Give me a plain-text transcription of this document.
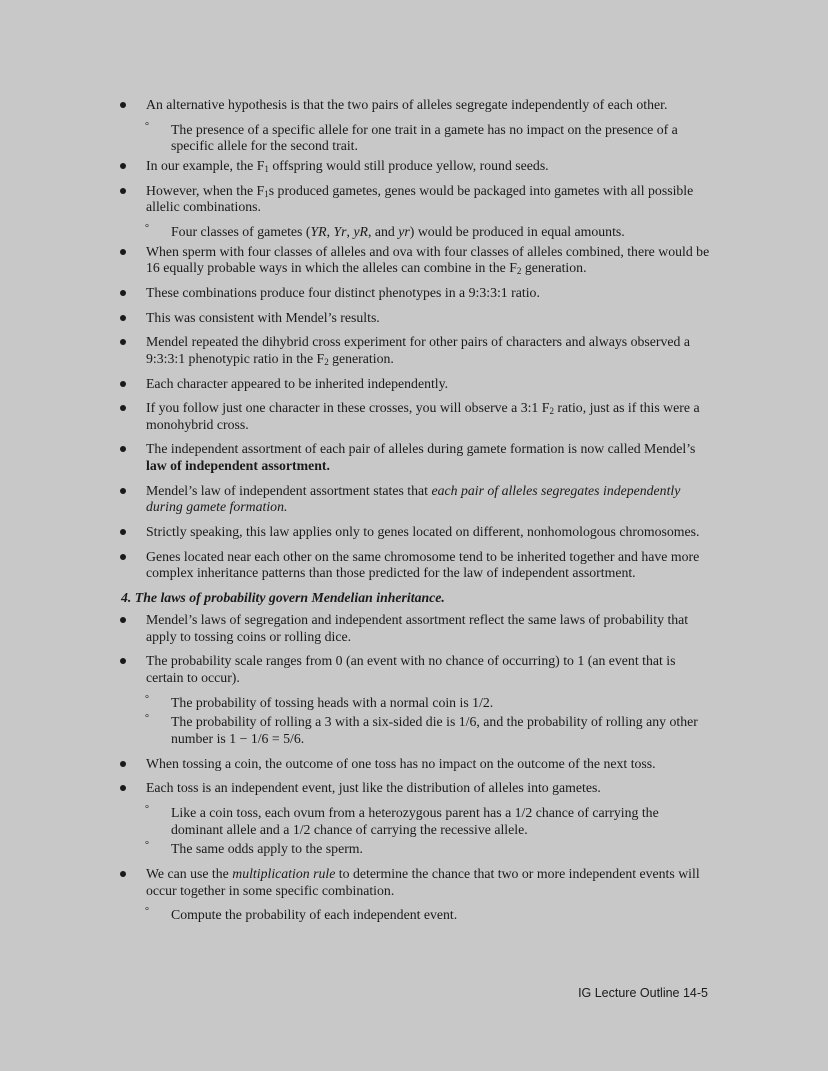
An alternative hypothesis is that the two pairs of alleles segregate independently of each other.
° The presence of a specific allele for one trait in a gamete has no impact on the presence of a specific allele for the second trait.
In our example, the $F_1$ offspring would still produce yellow, round seeds.
However, when the $F_1s$ produced gametes, genes would be packaged into gametes with all possible allelic combinations.
° Four classes of gametes (YR, Yr, yR, and yr) would be produced in equal amounts.
When sperm with four classes of alleles and ova with four classes of alleles combined, there would be 16 equally probable ways in which the alleles can combine in the $F_2$ generation.
These combinations produce four distinct phenotypes in a 9:3:3:1 ratio.
This was consistent with Mendel’s results.
Mendel repeated the dihybrid cross experiment for other pairs of characters and always observed a 9:3:3:1 phenotypic ratio in the $F_2$ generation.
Each character appeared to be inherited independently.
If you follow just one character in these crosses, you will observe a 3:1 $F_2$ ratio, just as if this were a monohybrid cross.
The independent assortment of each pair of alleles during gamete formation is now called Mendel’s law of independent assortment.
Mendel’s law of independent assortment states that each pair of alleles segregates independently during gamete formation.
Strictly speaking, this law applies only to genes located on different, nonhomologous chromosomes.
Genes located near each other on the same chromosome tend to be inherited together and have more complex inheritance patterns than those predicted for the law of independent assortment.
4. The laws of probability govern Mendelian inheritance.
Mendel’s laws of segregation and independent assortment reflect the same laws of probability that apply to tossing coins or rolling dice.
The probability scale ranges from 0 (an event with no chance of occurring) to 1 (an event that is certain to occur).
° The probability of tossing heads with a normal coin is 1/2.
° The probability of rolling a 3 with a six-sided die is 1/6, and the probability of rolling any other number is 1 − 1/6 = 5/6.
When tossing a coin, the outcome of one toss has no impact on the outcome of the next toss.
Each toss is an independent event, just like the distribution of alleles into gametes.
° Like a coin toss, each ovum from a heterozygous parent has a 1/2 chance of carrying the dominant allele and a 1/2 chance of carrying the recessive allele.
° The same odds apply to the sperm.
We can use the multiplication rule to determine the chance that two or more independent events will occur together in some specific combination.
° Compute the probability of each independent event.
IG Lecture Outline 14-5
